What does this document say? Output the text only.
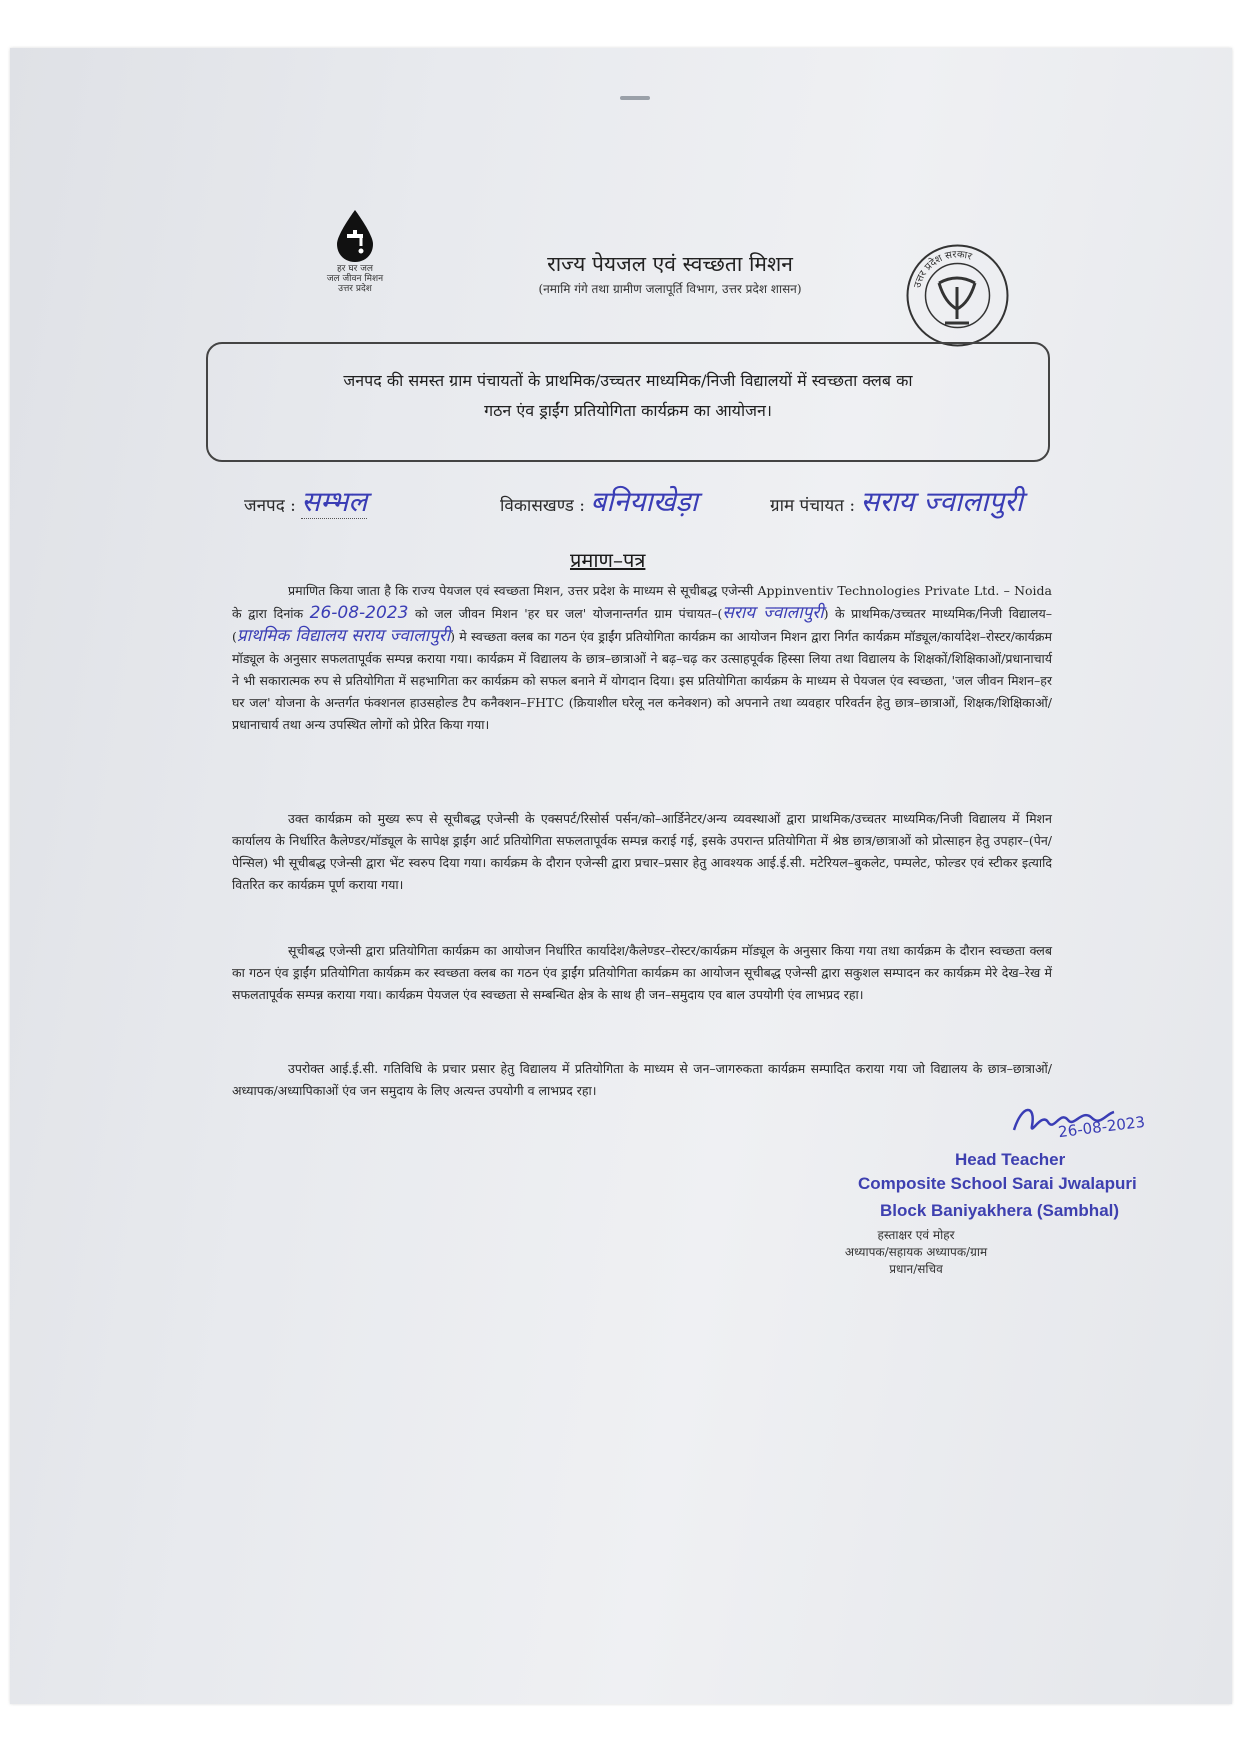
हर घर जल
जल जीवन मिशन
उत्तर प्रदेश
राज्य पेयजल एवं स्वच्छता मिशन
(नमामि गंगे तथा ग्रामीण जलापूर्ति विभाग, उत्तर प्रदेश शासन)	उत्तर प्रदेश सरकार
जनपद की समस्त ग्राम पंचायतों के प्राथमिक/उच्चतर माध्यमिक/निजी विद्यालयों में स्वच्छता क्लब का
गठन एंव ड्राईंग प्रतियोगिता कार्यक्रम का आयोजन।
जनपद : सम्भल	विकासखण्ड : बनियाखेड़ा	ग्राम पंचायत : सराय ज्वालापुरी
प्रमाण–पत्र
प्रमाणित किया जाता है कि राज्य पेयजल एवं स्वच्छता मिशन, उत्तर प्रदेश के माध्यम से सूचीबद्ध एजेन्सी Appinventiv Technologies Private Ltd. – Noida के द्वारा दिनांक 26-08-2023 को जल जीवन मिशन 'हर घर जल' योजनान्तर्गत ग्राम पंचायत–(सराय ज्वालापुरी) के प्राथमिक/उच्चतर माध्यमिक/निजी विद्यालय–(प्राथमिक विद्यालय सराय ज्वालापुरी) मे स्वच्छता क्लब का गठन एंव ड्राईंग प्रतियोगिता कार्यक्रम का आयोजन मिशन द्वारा निर्गत कार्यक्रम मॉड्यूल/कार्यादेश–रोस्टर/कार्यक्रम मॉड्यूल के अनुसार सफलतापूर्वक सम्पन्न कराया गया। कार्यक्रम में विद्यालय के छात्र–छात्राओं ने बढ़–चढ़ कर उत्साहपूर्वक हिस्सा लिया तथा विद्यालय के शिक्षकों/शिक्षिकाओं/प्रधानाचार्य ने भी सकारात्मक रुप से प्रतियोगिता में सहभागिता कर कार्यक्रम को सफल बनाने में योगदान दिया। इस प्रतियोगिता कार्यक्रम के माध्यम से पेयजल एंव स्वच्छता, 'जल जीवन मिशन–हर घर जल' योजना के अन्तर्गत फंक्शनल हाउसहोल्ड टैप कनैक्शन–FHTC (क्रियाशील घरेलू नल कनेक्शन) को अपनाने तथा व्यवहार परिवर्तन हेतु छात्र–छात्राओं, शिक्षक/शिक्षिकाओं/प्रधानाचार्य तथा अन्य उपस्थित लोगों को प्रेरित किया गया।
उक्त कार्यक्रम को मुख्य रूप से सूचीबद्ध एजेन्सी के एक्सपर्ट/रिसोर्स पर्सन/को–आर्डिनेटर/अन्य व्यवस्थाओं द्वारा प्राथमिक/उच्चतर माध्यमिक/निजी विद्यालय में मिशन कार्यालय के निर्धारित कैलेण्डर/मॉड्यूल के सापेक्ष ड्राईंग आर्ट प्रतियोगिता सफलतापूर्वक सम्पन्न कराई गई, इसके उपरान्त प्रतियोगिता में श्रेष्ठ छात्र/छात्राओं को प्रोत्साहन हेतु उपहार–(पेन/पेन्सिल) भी सूचीबद्ध एजेन्सी द्वारा भेंट स्वरुप दिया गया। कार्यक्रम के दौरान एजेन्सी द्वारा प्रचार–प्रसार हेतु आवश्यक आई.ई.सी. मटेरियल–बुकलेट, पम्पलेट, फोल्डर एवं स्टीकर इत्यादि वितरित कर कार्यक्रम पूर्ण कराया गया।
सूचीबद्ध एजेन्सी द्वारा प्रतियोगिता कार्यक्रम का आयोजन निर्धारित कार्यादेश/कैलेण्डर–रोस्टर/कार्यक्रम मॉड्यूल के अनुसार किया गया तथा कार्यक्रम के दौरान स्वच्छता क्लब का गठन एंव ड्राईंग प्रतियोगिता कार्यक्रम कर स्वच्छता क्लब का गठन एंव ड्राईंग प्रतियोगिता कार्यक्रम का आयोजन सूचीबद्ध एजेन्सी द्वारा सकुशल सम्पादन कर कार्यक्रम मेरे देख–रेख में सफलतापूर्वक सम्पन्न कराया गया। कार्यक्रम पेयजल एंव स्वच्छता से सम्बन्धित क्षेत्र के साथ ही जन–समुदाय एव बाल उपयोगी एंव लाभप्रद रहा।
उपरोक्त आई.ई.सी. गतिविधि के प्रचार प्रसार हेतु विद्यालय में प्रतियोगिता के माध्यम से जन–जागरुकता कार्यक्रम सम्पादित कराया गया जो विद्यालय के छात्र–छात्राओं/अध्यापक/अध्यापिकाओं एंव जन समुदाय के लिए अत्यन्त उपयोगी व लाभप्रद रहा।
26-08-2023
Head Teacher
Composite School Sarai Jwalapuri
Block Baniyakhera (Sambhal)
हस्ताक्षर एवं मोहर
अध्यापक/सहायक अध्यापक/ग्राम
प्रधान/सचिव
